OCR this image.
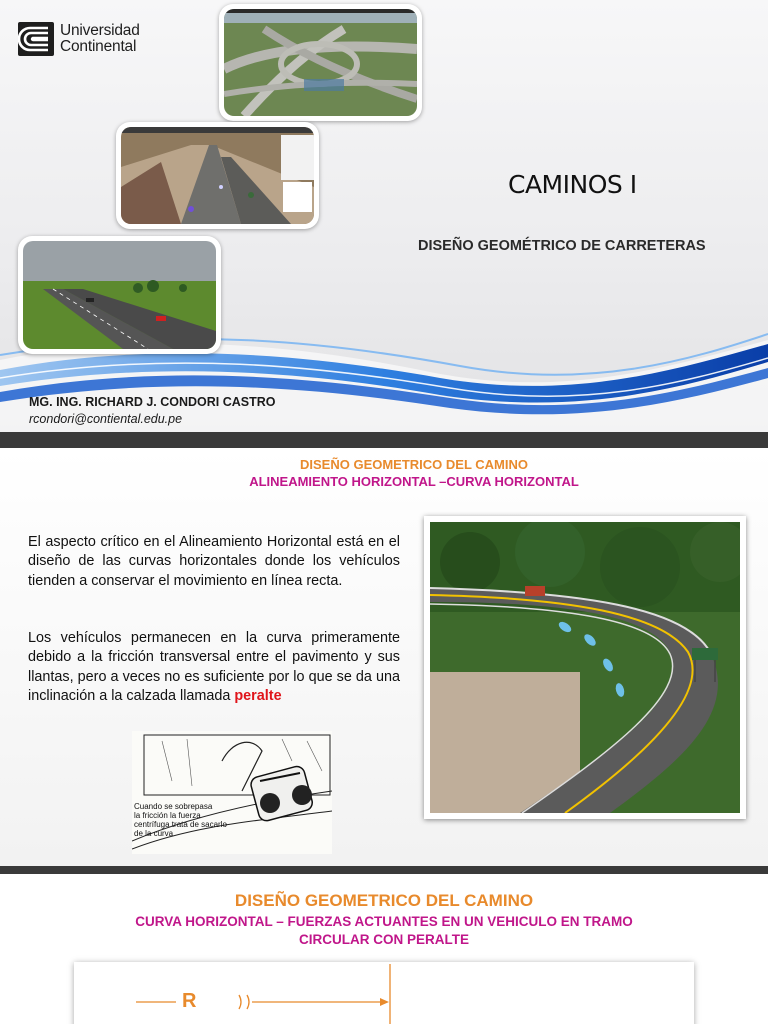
Universidad
Continental
CAMINOS I
DISEÑO GEOMÉTRICO DE CARRETERAS
MG. ING. RICHARD J. CONDORI CASTRO
rcondori@contiental.edu.pe
DISEÑO GEOMETRICO DEL CAMINO
ALINEAMIENTO HORIZONTAL –CURVA HORIZONTAL
El aspecto crítico en el Alineamiento Horizontal está en el diseño de las curvas horizontales donde los vehículos tienden a conservar el movimiento en línea recta.
Los vehículos permanecen en la curva primeramente debido a la fricción transversal entre el pavimento y sus llantas, pero a veces no es suficiente por lo que se da una inclinación a la calzada llamada peralte
Cuando se sobrepasa
la fricción la fuerza
centrífuga trata de sacarlo
de la curva
DISEÑO GEOMETRICO DEL CAMINO
CURVA HORIZONTAL – FUERZAS ACTUANTES EN UN VEHICULO EN TRAMO
CIRCULAR CON PERALTE
R
